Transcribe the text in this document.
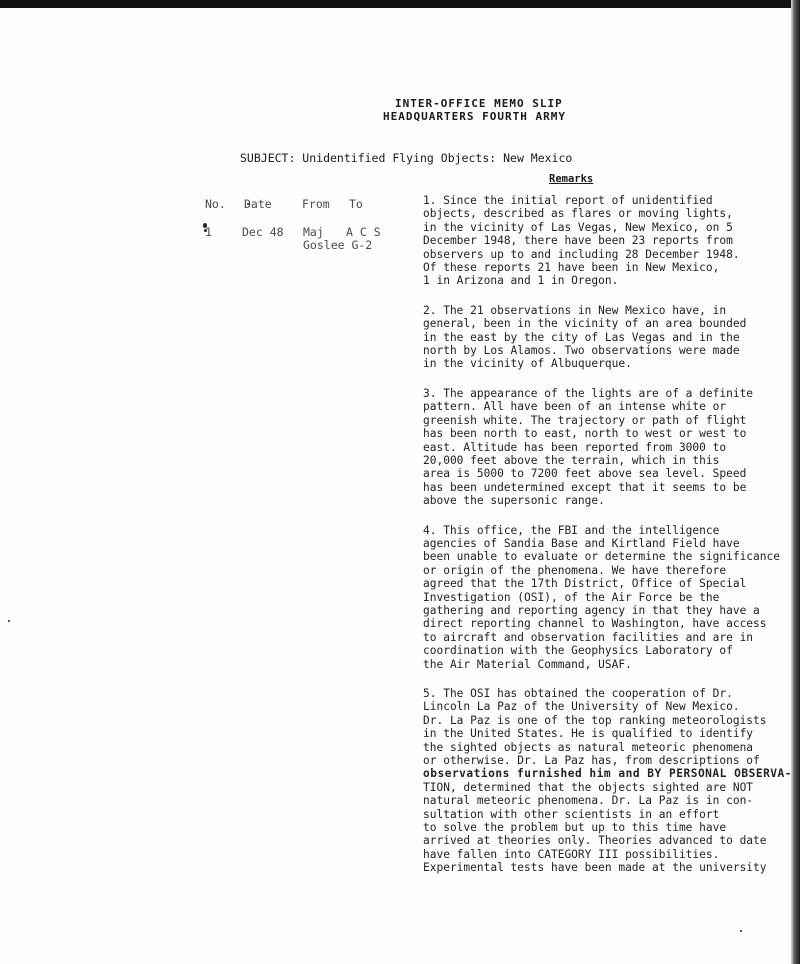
INTER-OFFICE MEMO SLIP
HEADQUARTERS FOURTH ARMY
SUBJECT: Unidentified Flying Objects: New Mexico
Remarks
No. Date	From To
1	Dec 48 Maj
Goslee G-2
A C S

1. Since the initial report of unidentified
objects, described as flares or moving lights,
in the vicinity of Las Vegas, New Mexico, on 5
December 1948, there have been 23 reports from
observers up to and including 28 December 1948.
Of these reports 21 have been in New Mexico,
1 in Arizona and 1 in Oregon.

2. The 21 observations in New Mexico have, in
general, been in the vicinity of an area bounded
in the east by the city of Las Vegas and in the
north by Los Alamos. Two observations were made
in the vicinity of Albuquerque.

3. The appearance of the lights are of a definite
pattern. All have been of an intense white or
greenish white. The trajectory or path of flight
has been north to east, north to west or west to
east. Altitude has been reported from 3000 to
20,000 feet above the terrain, which in this
area is 5000 to 7200 feet above sea level. Speed
has been undetermined except that it seems to be
above the supersonic range.

4. This office, the FBI and the intelligence
agencies of Sandia Base and Kirtland Field have
been unable to evaluate or determine the significance
or origin of the phenomena. We have therefore
agreed that the 17th District, Office of Special
Investigation (OSI), of the Air Force be the
gathering and reporting agency in that they have a
direct reporting channel to Washington, have access
to aircraft and observation facilities and are in
coordination with the Geophysics Laboratory of
the Air Material Command, USAF.

5. The OSI has obtained the cooperation of Dr.
Lincoln La Paz of the University of New Mexico.
Dr. La Paz is one of the top ranking meteorologists
in the United States. He is qualified to identify
the sighted objects as natural meteoric phenomena
or otherwise. Dr. La Paz has, from descriptions of
observations furnished him and BY PERSONAL OBSERVA-
TION, determined that the objects sighted are NOT
natural meteoric phenomena. Dr. La Paz is in con-
sultation with other scientists in an effort
to solve the problem but up to this time have
arrived at theories only. Theories advanced to date
have fallen into CATEGORY III possibilities.
Experimental tests have been made at the university
